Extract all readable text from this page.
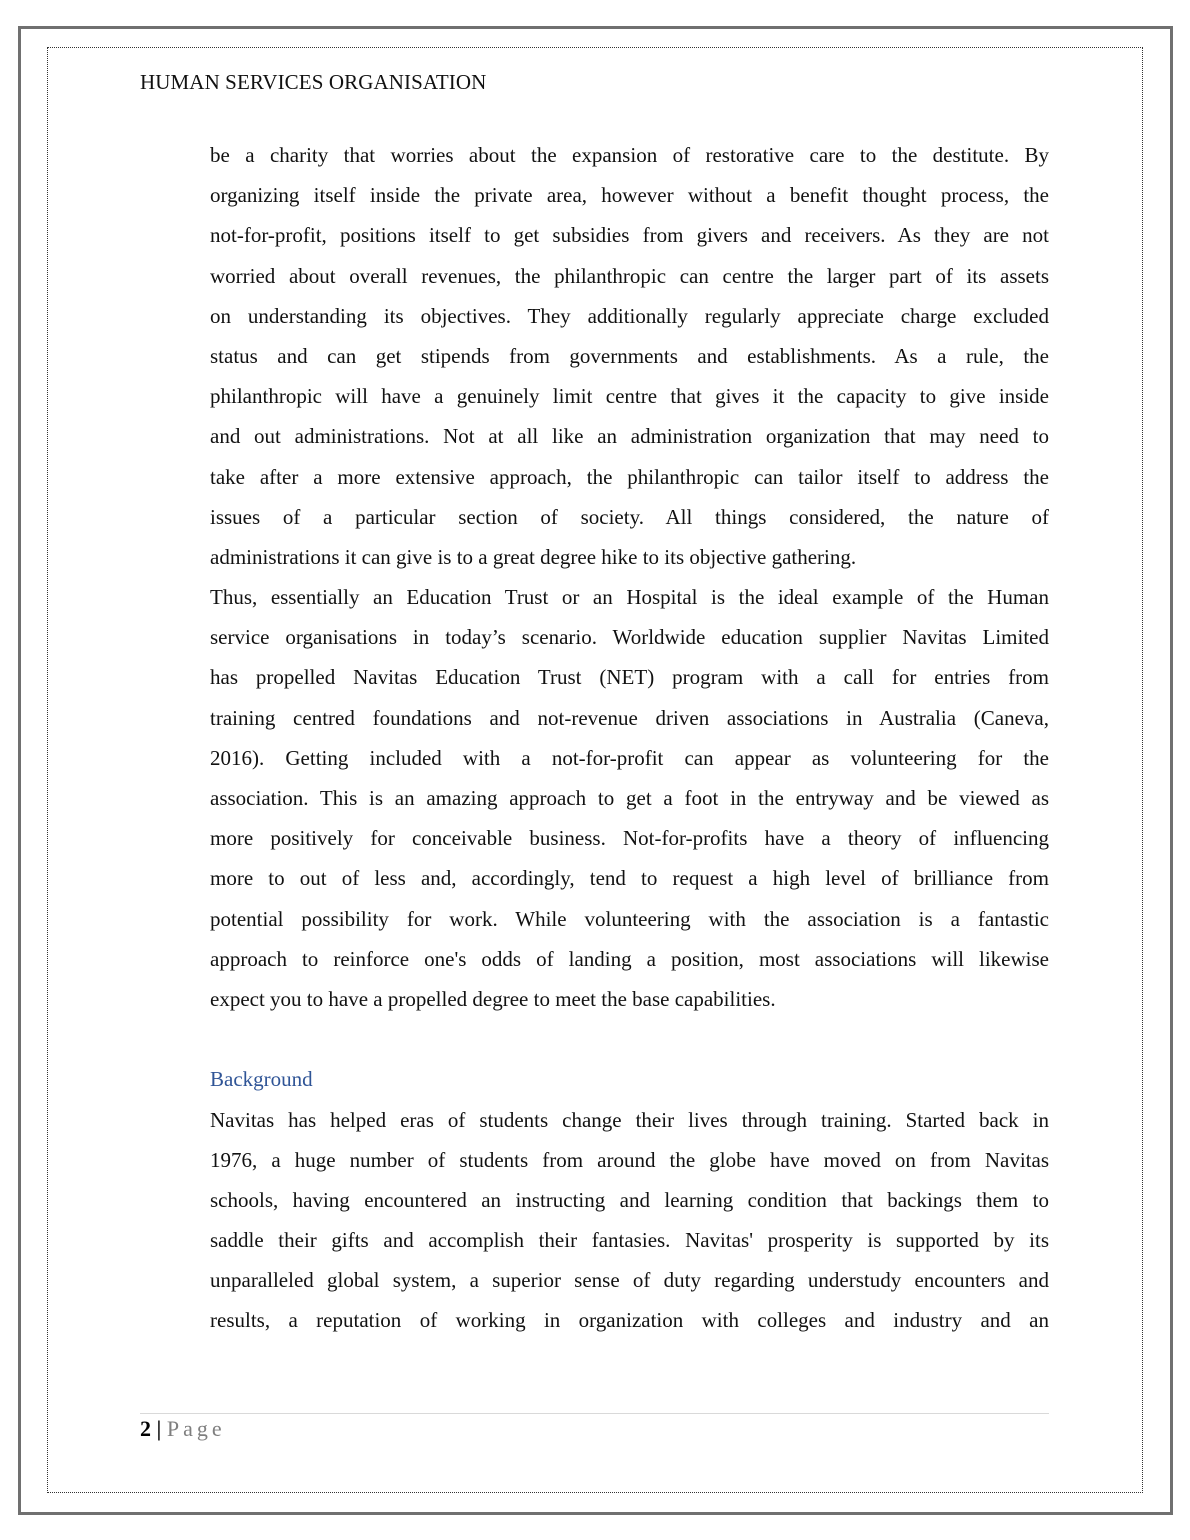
HUMAN SERVICES ORGANISATION
be a charity that worries about the expansion of restorative care to the destitute. By
organizing itself inside the private area, however without a benefit thought process, the
not-for-profit, positions itself to get subsidies from givers and receivers. As they are not
worried about overall revenues, the philanthropic can centre the larger part of its assets
on understanding its objectives. They additionally regularly appreciate charge excluded
status and can get stipends from governments and establishments. As a rule, the
philanthropic will have a genuinely limit centre that gives it the capacity to give inside
and out administrations. Not at all like an administration organization that may need to
take after a more extensive approach, the philanthropic can tailor itself to address the
issues of a particular section of society. All things considered, the nature of
administrations it can give is to a great degree hike to its objective gathering.
Thus, essentially an Education Trust or an Hospital is the ideal example of the Human
service organisations in today’s scenario. Worldwide education supplier Navitas Limited
has propelled Navitas Education Trust (NET) program with a call for entries from
training centred foundations and not-revenue driven associations in Australia (Caneva,
2016). Getting included with a not-for-profit can appear as volunteering for the
association. This is an amazing approach to get a foot in the entryway and be viewed as
more positively for conceivable business. Not-for-profits have a theory of influencing
more to out of less and, accordingly, tend to request a high level of brilliance from
potential possibility for work. While volunteering with the association is a fantastic
approach to reinforce one's odds of landing a position, most associations will likewise
expect you to have a propelled degree to meet the base capabilities.
Background
Navitas has helped eras of students change their lives through training. Started back in
1976, a huge number of students from around the globe have moved on from Navitas
schools, having encountered an instructing and learning condition that backings them to
saddle their gifts and accomplish their fantasies. Navitas' prosperity is supported by its
unparalleled global system, a superior sense of duty regarding understudy encounters and
results, a reputation of working in organization with colleges and industry and an
2 | Page
